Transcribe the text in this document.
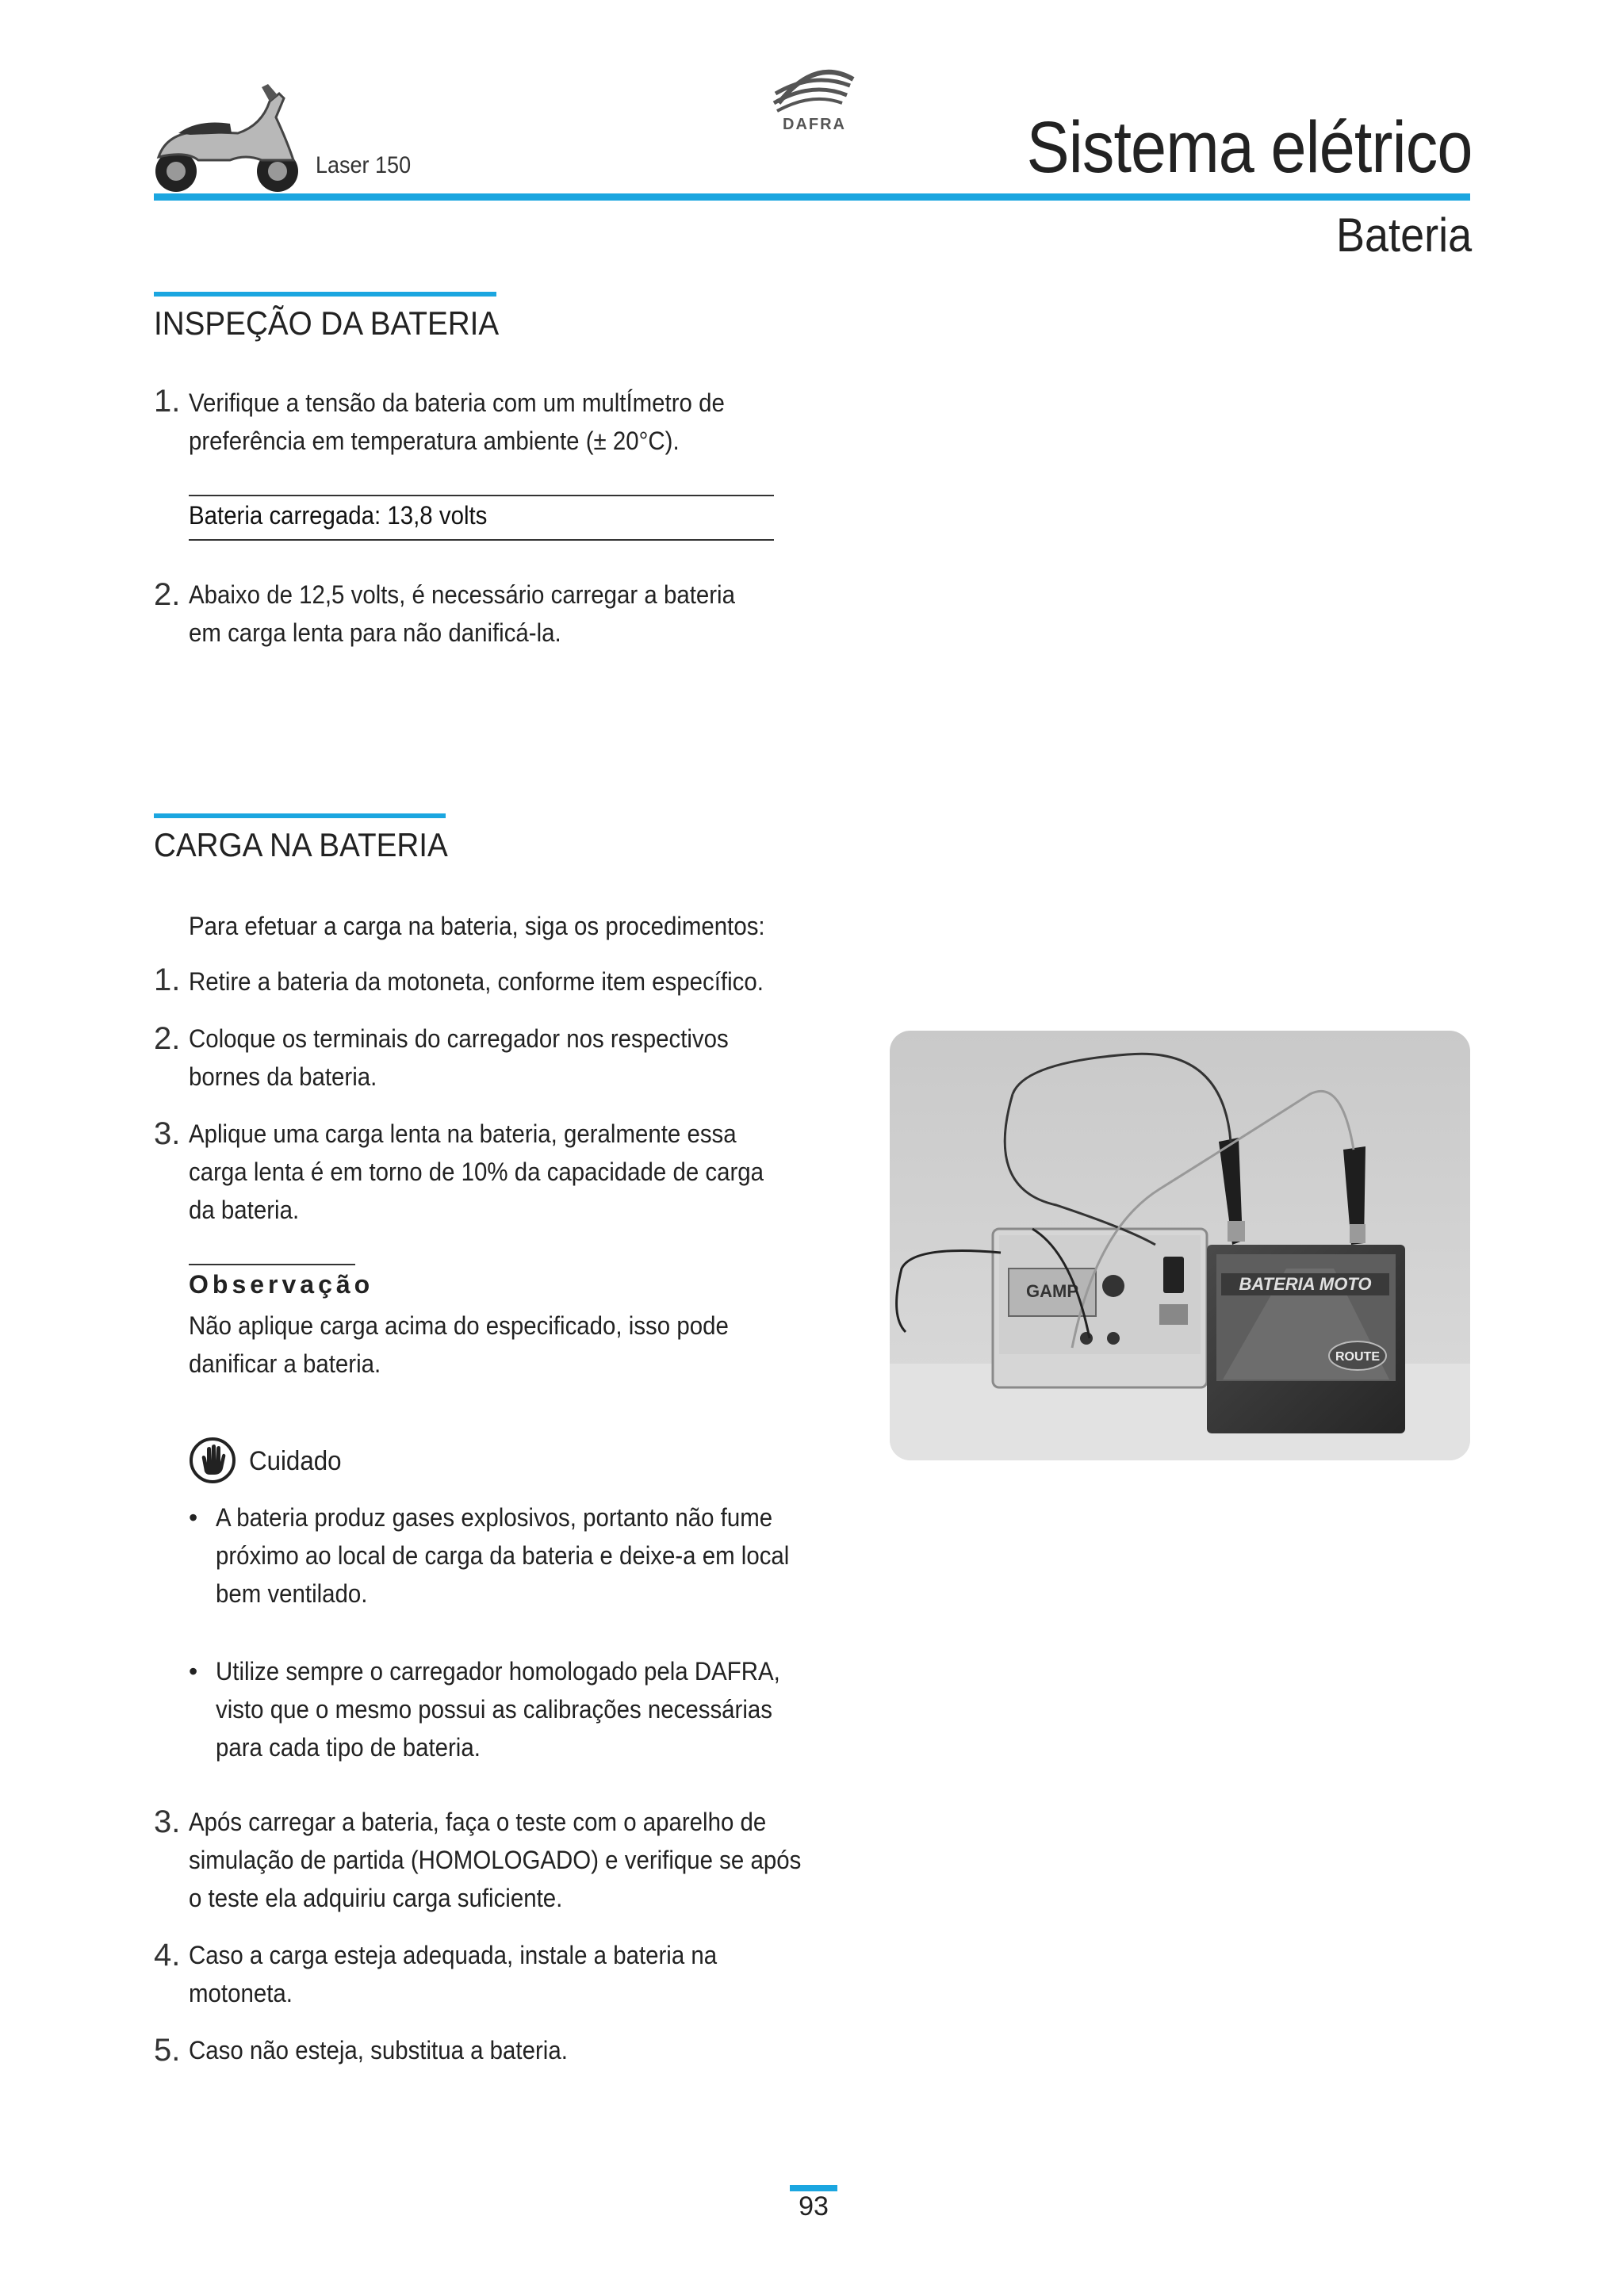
Laser 150
DAFRA Sistema elétrico
Bateria
INSPEÇÃO DA BATERIA
1. Verifique a tensão da bateria com um multÍmetro de
preferência em temperatura ambiente (± 20°C).
Bateria carregada: 13,8 volts
2. Abaixo de 12,5 volts, é necessário carregar a bateria
em carga lenta para não danificá-la.
CARGA NA BATERIA
Para efetuar a carga na bateria, siga os procedimentos:
1. Retire a bateria da motoneta, conforme item específico.
2. Coloque os terminais do carregador nos respectivos
bornes da bateria.
3. Aplique uma carga lenta na bateria, geralmente essa
carga lenta é em torno de 10% da capacidade de carga
da bateria.
Observação
Não aplique carga acima do especificado, isso pode
danificar a bateria.
Cuidado
• A bateria produz gases explosivos, portanto não fume
próximo ao local de carga da bateria e deixe-a em local
bem ventilado.
• Utilize sempre o carregador homologado pela DAFRA,
visto que o mesmo possui as calibrações necessárias
para cada tipo de bateria.
3. Após carregar a bateria, faça o teste com o aparelho de
simulação de partida (HOMOLOGADO) e verifique se após
o teste ela adquiriu carga suficiente.
4. Caso a carga esteja adequada, instale a bateria na
motoneta.
5. Caso não esteja, substitua a bateria.
GAMP	BATERIA MOTO
ROUTE
93
